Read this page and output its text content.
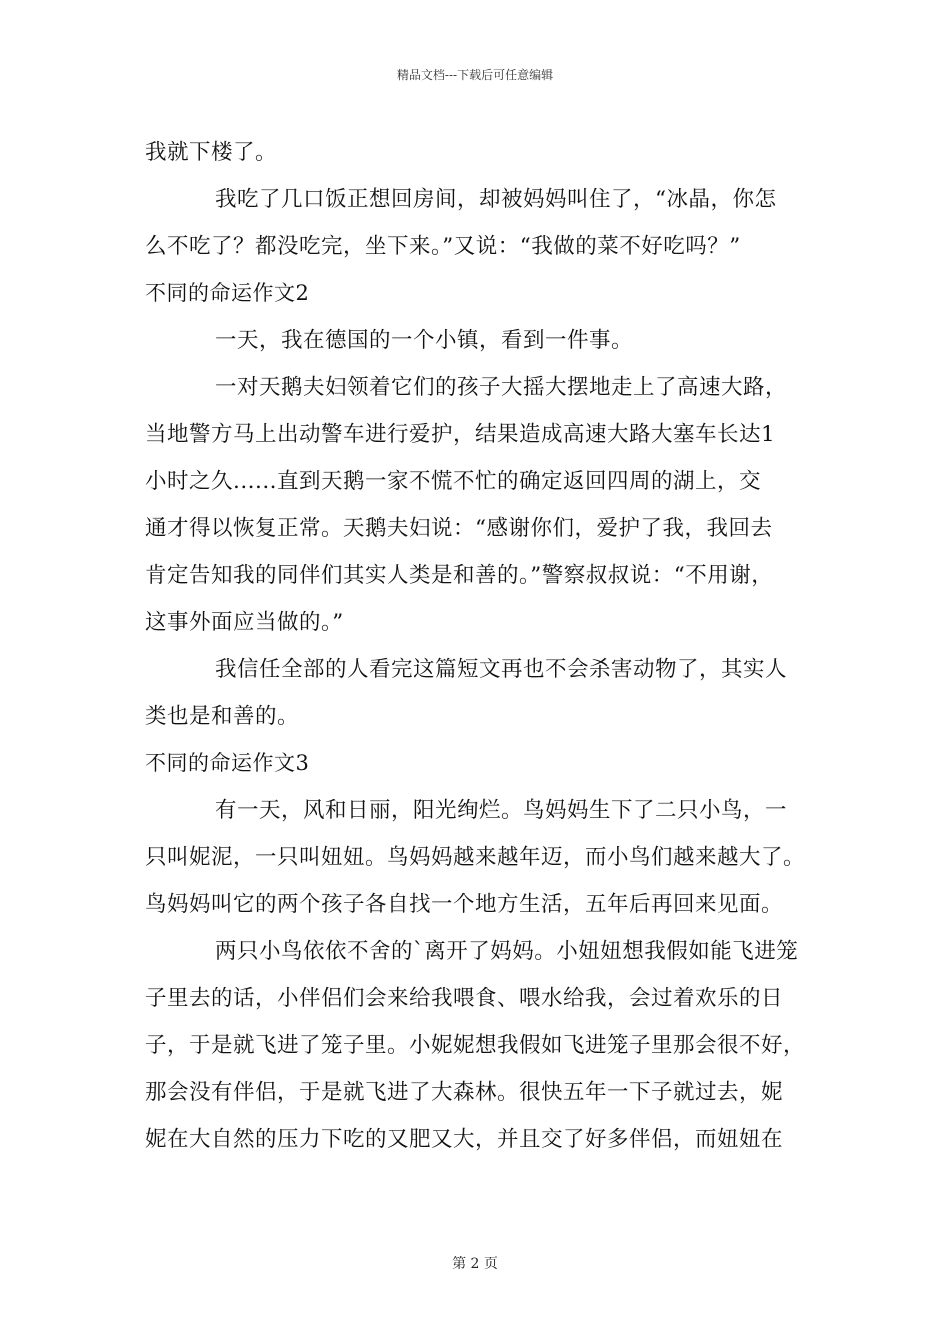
精品文档---下载后可任意编辑
我就下楼了。
我吃了几口饭正想回房间，却被妈妈叫住了，“冰晶，你怎
么不吃了？都没吃完，坐下来。”又说：“我做的菜不好吃吗？”
不同的命运作文2
一天，我在德国的一个小镇，看到一件事。
一对天鹅夫妇领着它们的孩子大摇大摆地走上了高速大路，
当地警方马上出动警车进行爱护，结果造成高速大路大塞车长达1
小时之久......直到天鹅一家不慌不忙的确定返回四周的湖上，交
通才得以恢复正常。天鹅夫妇说：“感谢你们，爱护了我，我回去
肯定告知我的同伴们其实人类是和善的。”警察叔叔说：“不用谢，
这事外面应当做的。”
我信任全部的人看完这篇短文再也不会杀害动物了，其实人
类也是和善的。
不同的命运作文3
有一天，风和日丽，阳光绚烂。鸟妈妈生下了二只小鸟，一
只叫妮泥，一只叫妞妞。鸟妈妈越来越年迈，而小鸟们越来越大了。
鸟妈妈叫它的两个孩子各自找一个地方生活，五年后再回来见面。
两只小鸟依依不舍的`离开了妈妈。小妞妞想我假如能飞进笼
子里去的话，小伴侣们会来给我喂食、喂水给我，会过着欢乐的日
子，于是就飞进了笼子里。小妮妮想我假如飞进笼子里那会很不好，
那会没有伴侣，于是就飞进了大森林。很快五年一下子就过去，妮
妮在大自然的压力下吃的又肥又大，并且交了好多伴侣，而妞妞在
第 2 页
